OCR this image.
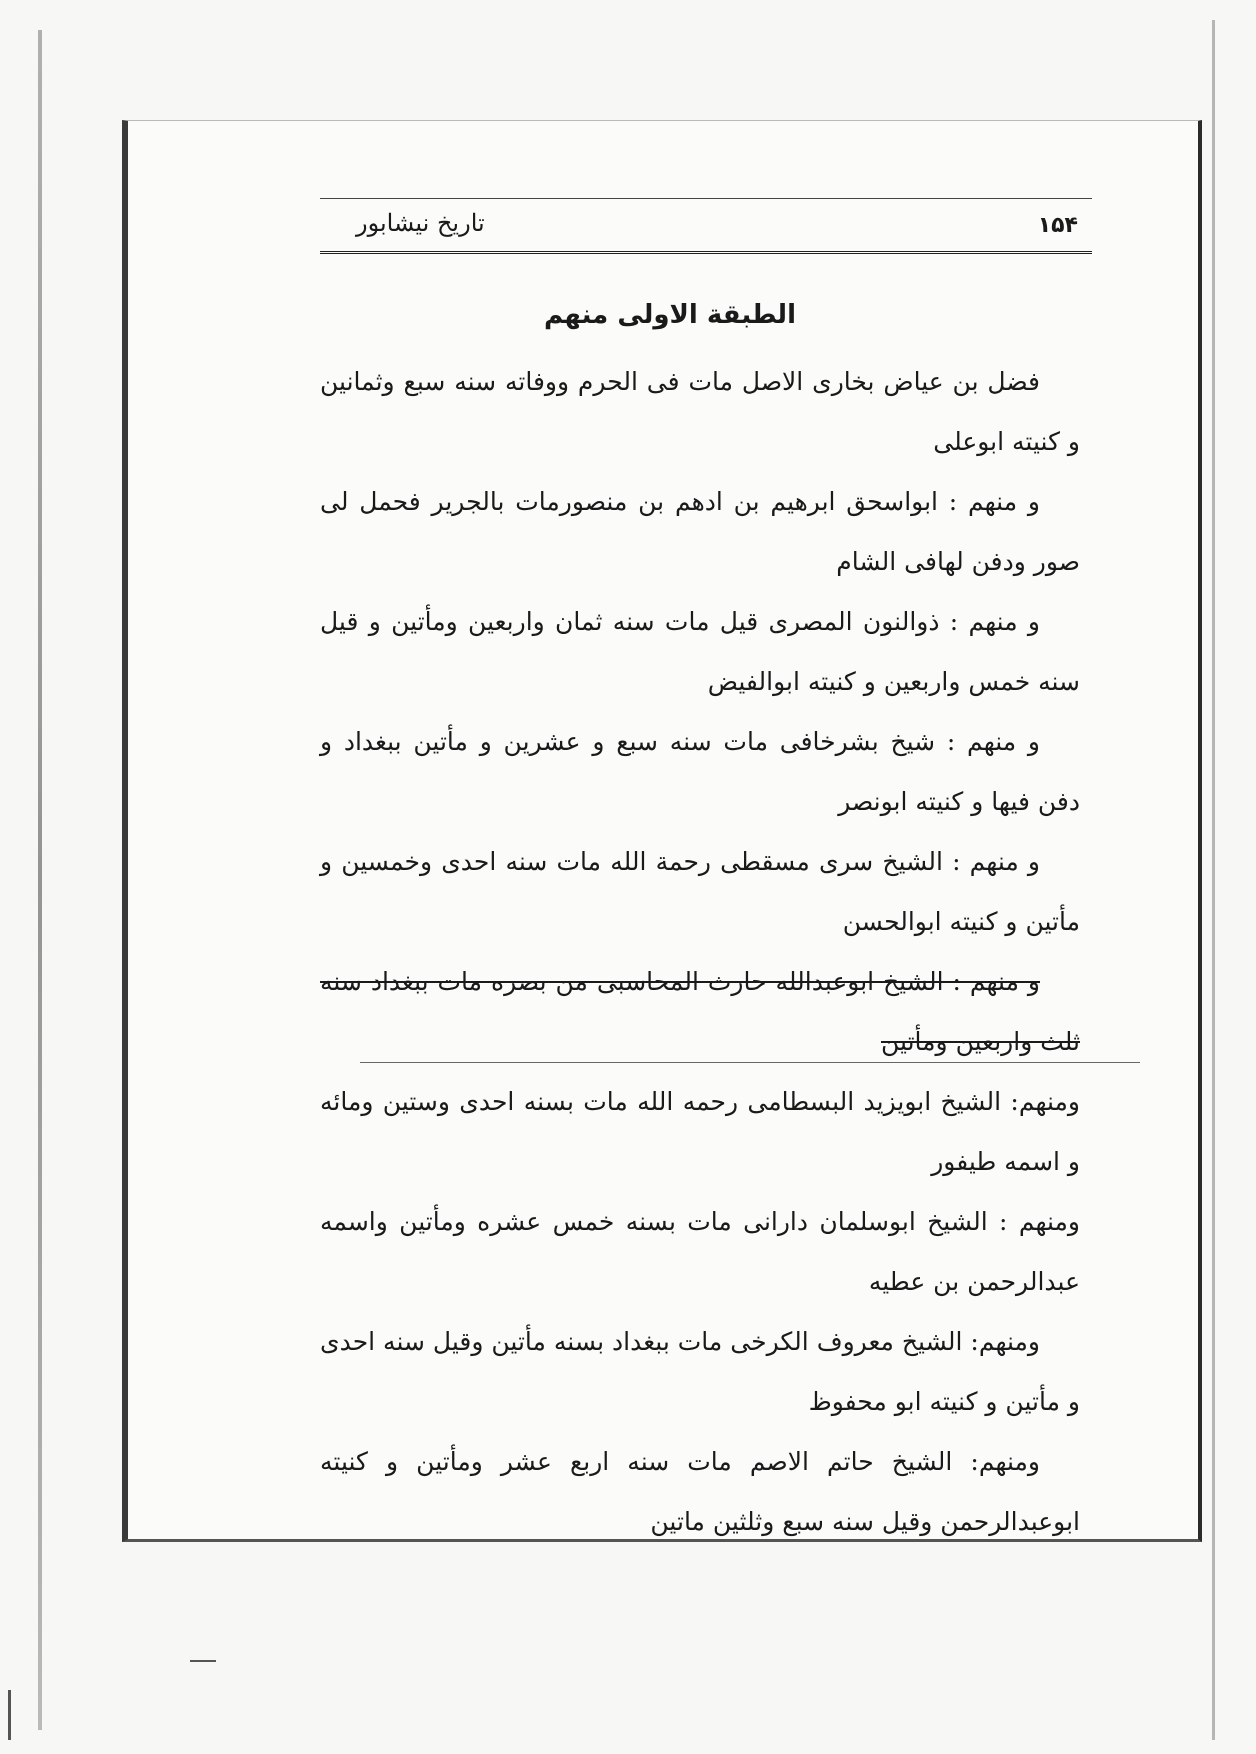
۱۵۴
تاریخ نیشابور
الطبقة الاولی منهم

فضل بن عیاض بخاری الاصل مات فی الحرم ووفاته سنه سبع وثمانین و کنیته ابوعلی

و منهم : ابواسحق ابرهیم بن ادهم بن منصورمات بالجریر فحمل لی صور ودفن لهافی الشام

و منهم : ذوالنون المصری قیل مات سنه ثمان واربعین ومأتین و قیل سنه خمس واربعین و کنیته ابوالفیض

و منهم : شیخ بشرخافی مات سنه سبع و عشرین و مأتین ببغداد و دفن فیها و کنیته ابونصر

و منهم : الشیخ سری مسقطی رحمة الله مات سنه احدی وخمسین و مأتین و کنیته ابوالحسن

و منهم : الشیخ ابوعبدالله حارث المحاسبی من بصره مات ببغداد سنه ثلث واربعین ومأتین

ومنهم: الشیخ ابویزید البسطامی رحمه الله مات بسنه احدی وستین ومائه و اسمه طیفور

ومنهم : الشیخ ابوسلمان دارانی مات بسنه خمس عشره ومأتین واسمه عبدالرحمن بن عطیه

ومنهم: الشیخ معروف الکرخی مات ببغداد بسنه مأتین وقیل سنه احدی و مأتین و کنیته ابو محفوظ

ومنهم: الشیخ حاتم الاصم مات سنه اربع عشر ومأتین و کنیته ابوعبدالرحمن وقیل سنه سبع وثلثین ماتین
